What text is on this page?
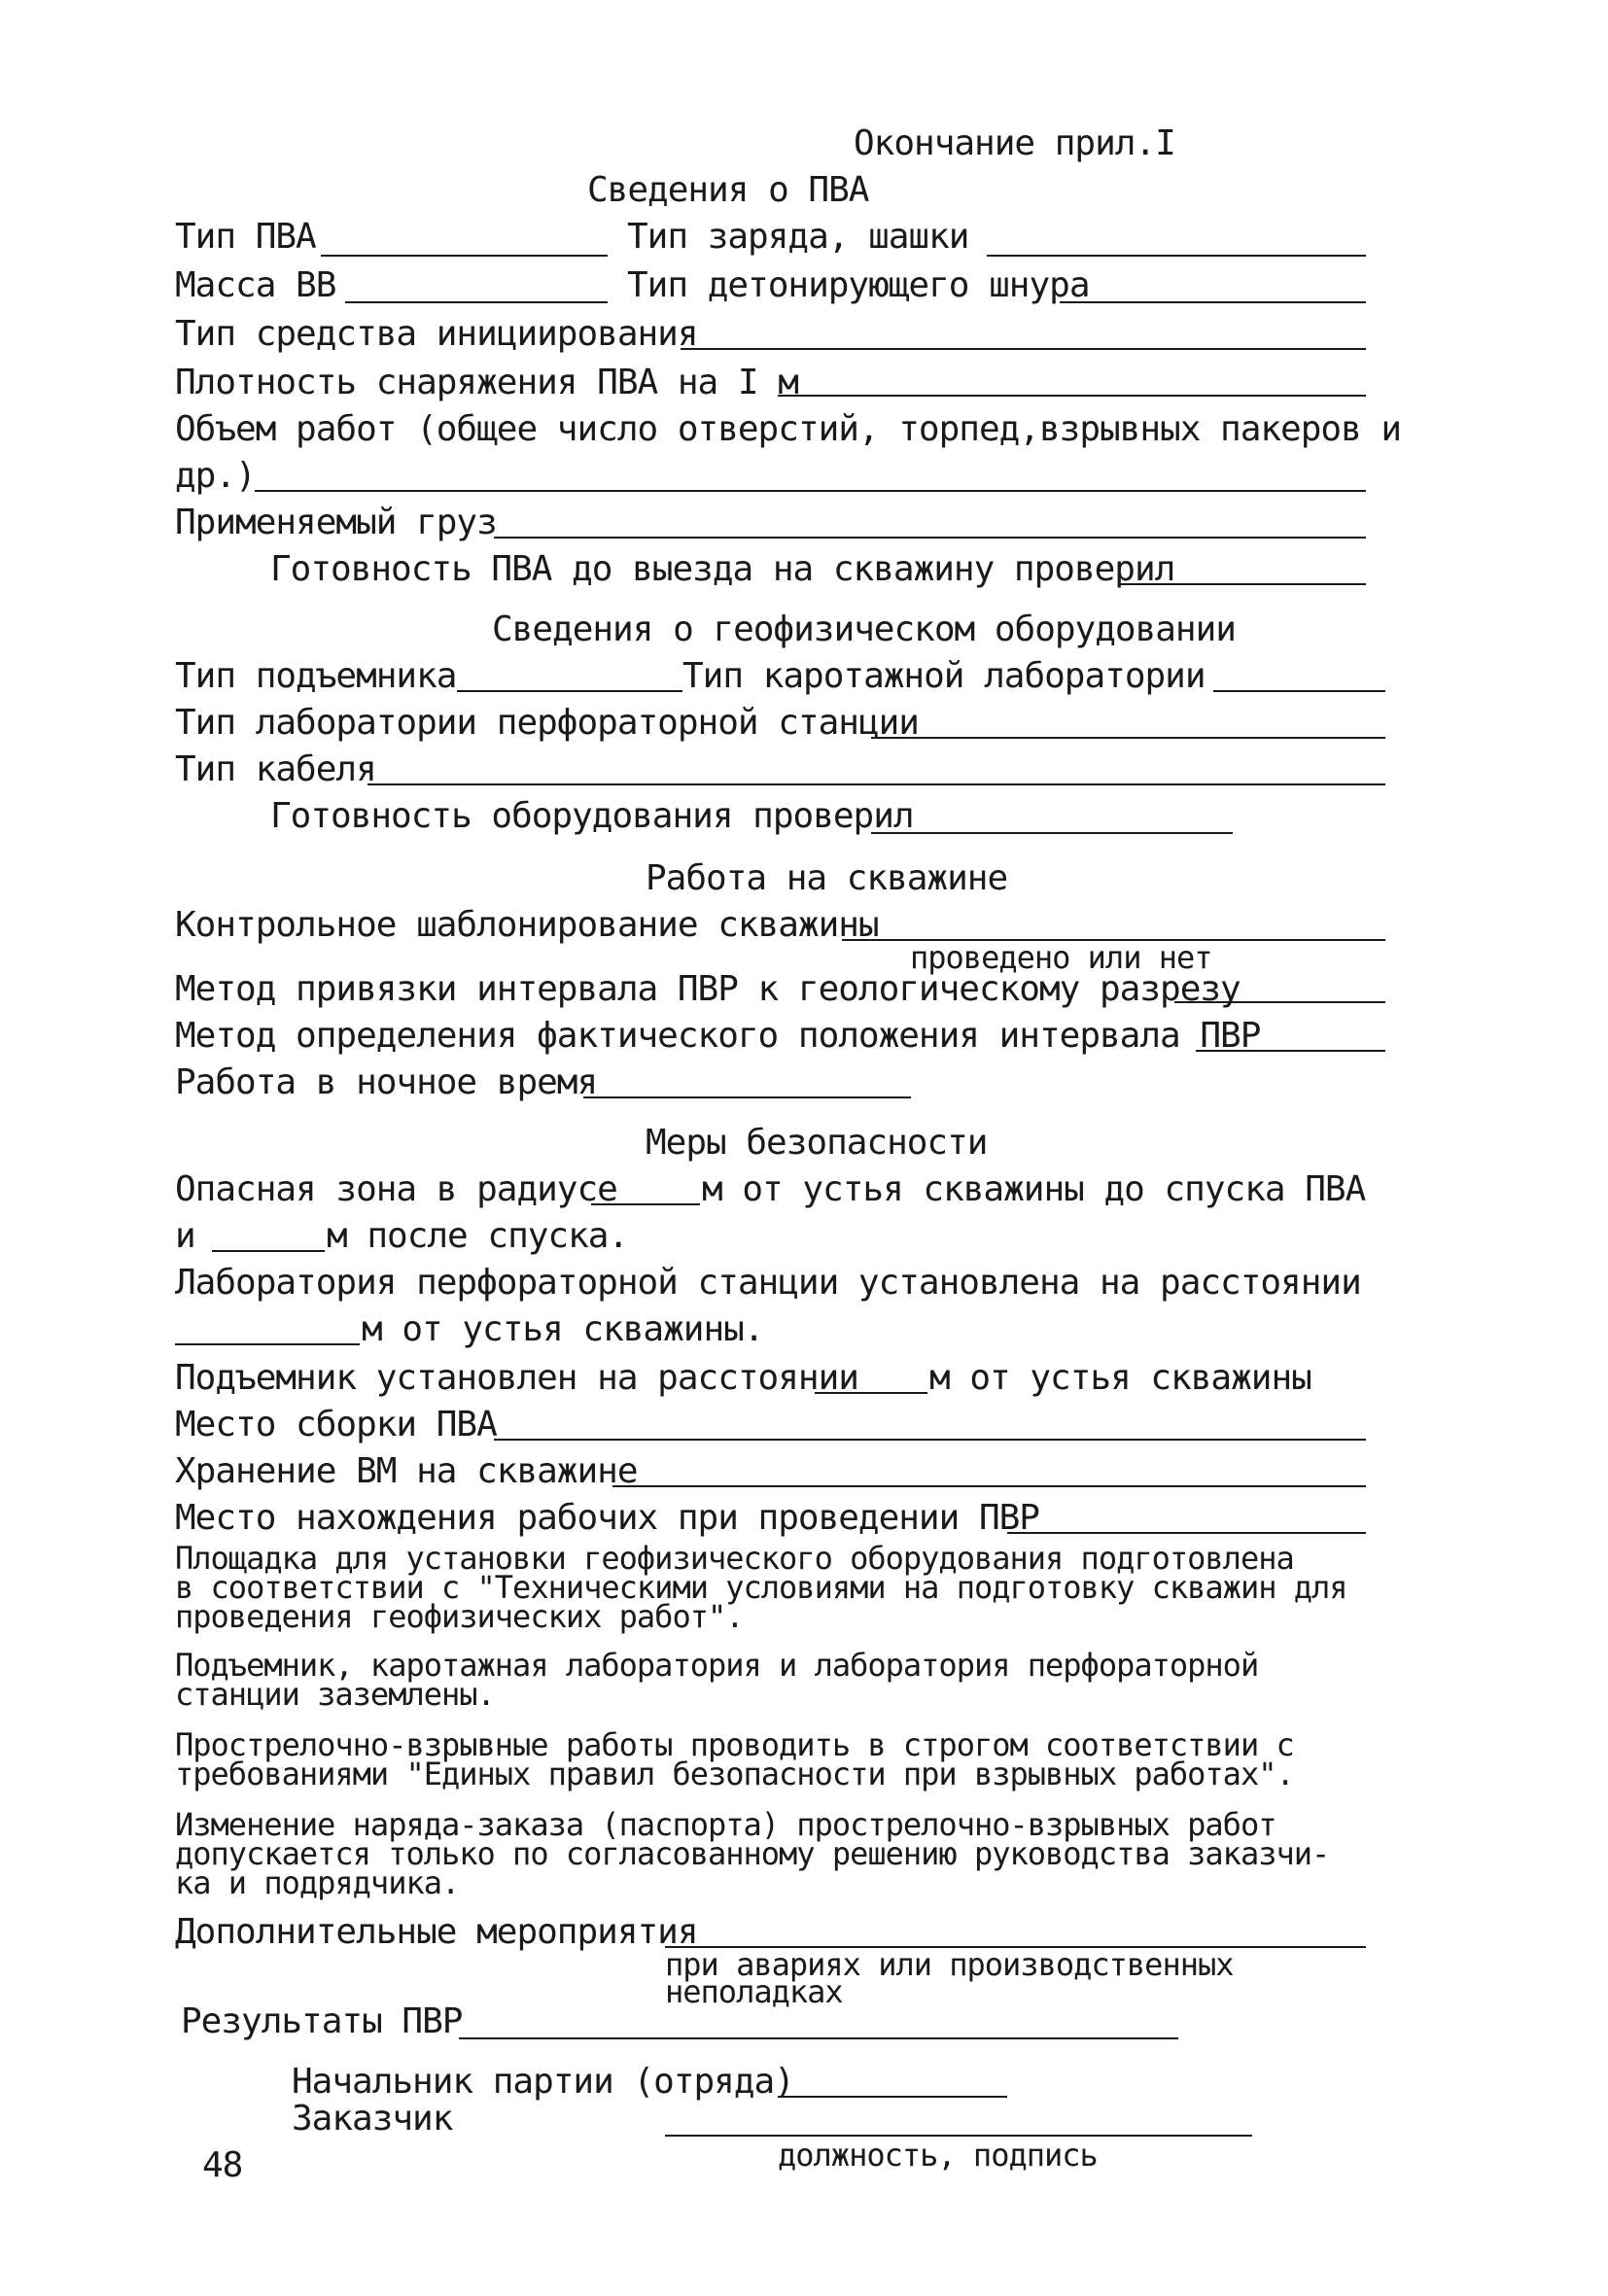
Окончание прил.I
Сведения о ПВА
Тип ПВА	Тип заряда, шашки
Масса ВВ	Тип детонирующего шнура
Тип средства инициирования
Плотность снаряжения ПВА на I м
Объем работ (общее число отверстий, торпед,взрывных пакеров и
др.)
Применяемый груз
Готовность ПВА до выезда на скважину проверил
Сведения о геофизическом оборудовании
Тип подъемника	Тип каротажной лаборатории
Тип лаборатории перфораторной станции
Тип кабеля
Готовность оборудования проверил
Работа на скважине
Контрольное шаблонирование скважины
проведено или нет
Метод привязки интервала ПВР к геологическому разрезу
Метод определения фактического положения интервала ПВР
Работа в ночное время
Меры безопасности
Опасная зона в радиусе м от устья скважины до спуска ПВА
и	м после спуска.
Лаборатория перфораторной станции установлена на расстоянии
м от устья скважины.
Подъемник установлен на расстоянии м от устья скважины
Место сборки ПВА
Хранение ВМ на скважине
Место нахождения рабочих при проведении ПВР
Площадка для установки геофизического оборудования подготовлена
в соответствии с "Техническими условиями на подготовку скважин для
проведения геофизических работ".
Подъемник, каротажная лаборатория и лаборатория перфораторной
станции заземлены.
Прострелочно-взрывные работы проводить в строгом соответствии с
требованиями "Единых правил безопасности при взрывных работах".
Изменение наряда-заказа (паспорта) прострелочно-взрывных работ
допускается только по согласованному решению руководства заказчи-
ка и подрядчика.
Дополнительные мероприятия
при авариях или производственных
неполадках
Результаты ПВР
Начальник партии (отряда)
Заказчик
должность, подпись
48
